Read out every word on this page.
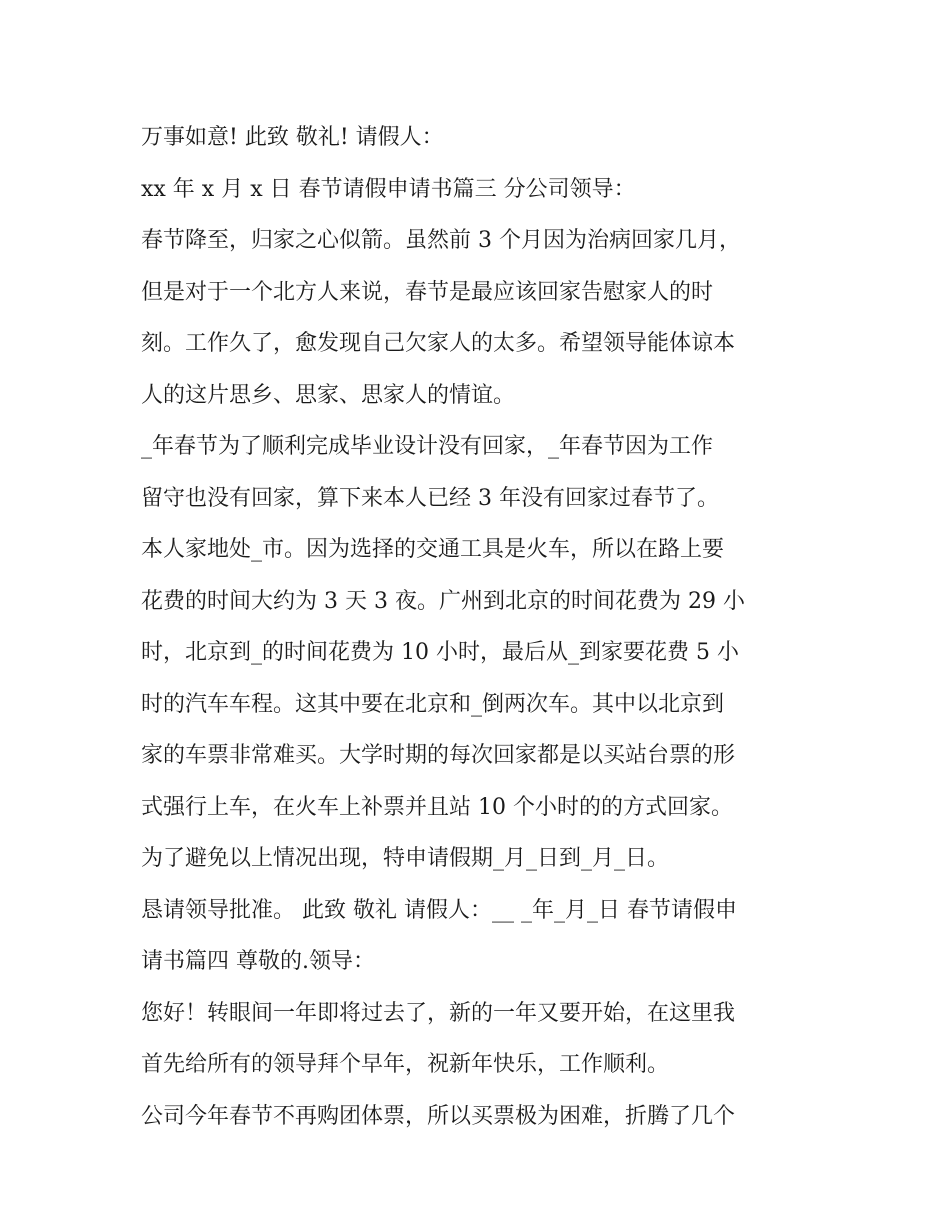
万事如意! 此致 敬礼! 请假人：
xx 年 x 月 x 日 春节请假申请书篇三 分公司领导：
春节降至，归家之心似箭。虽然前 3 个月因为治病回家几月，
但是对于一个北方人来说，春节是最应该回家告慰家人的时
刻。工作久了，愈发现自己欠家人的太多。希望领导能体谅本
人的这片思乡、思家、思家人的情谊。
_年春节为了顺利完成毕业设计没有回家，_年春节因为工作
留守也没有回家，算下来本人已经 3 年没有回家过春节了。
本人家地处_市。因为选择的交通工具是火车，所以在路上要
花费的时间大约为 3 天 3 夜。广州到北京的时间花费为 29 小
时，北京到_的时间花费为 10 小时，最后从_到家要花费 5 小
时的汽车车程。这其中要在北京和_倒两次车。其中以北京到
家的车票非常难买。大学时期的每次回家都是以买站台票的形
式强行上车，在火车上补票并且站 10 个小时的的方式回家。
为了避免以上情况出现，特申请假期_月_日到_月_日。
恳请领导批准。 此致 敬礼 请假人：__ _年_月_日 春节请假申
请书篇四 尊敬的.领导：
您好！转眼间一年即将过去了，新的一年又要开始，在这里我
首先给所有的领导拜个早年，祝新年快乐，工作顺利。
公司今年春节不再购团体票，所以买票极为困难，折腾了几个
